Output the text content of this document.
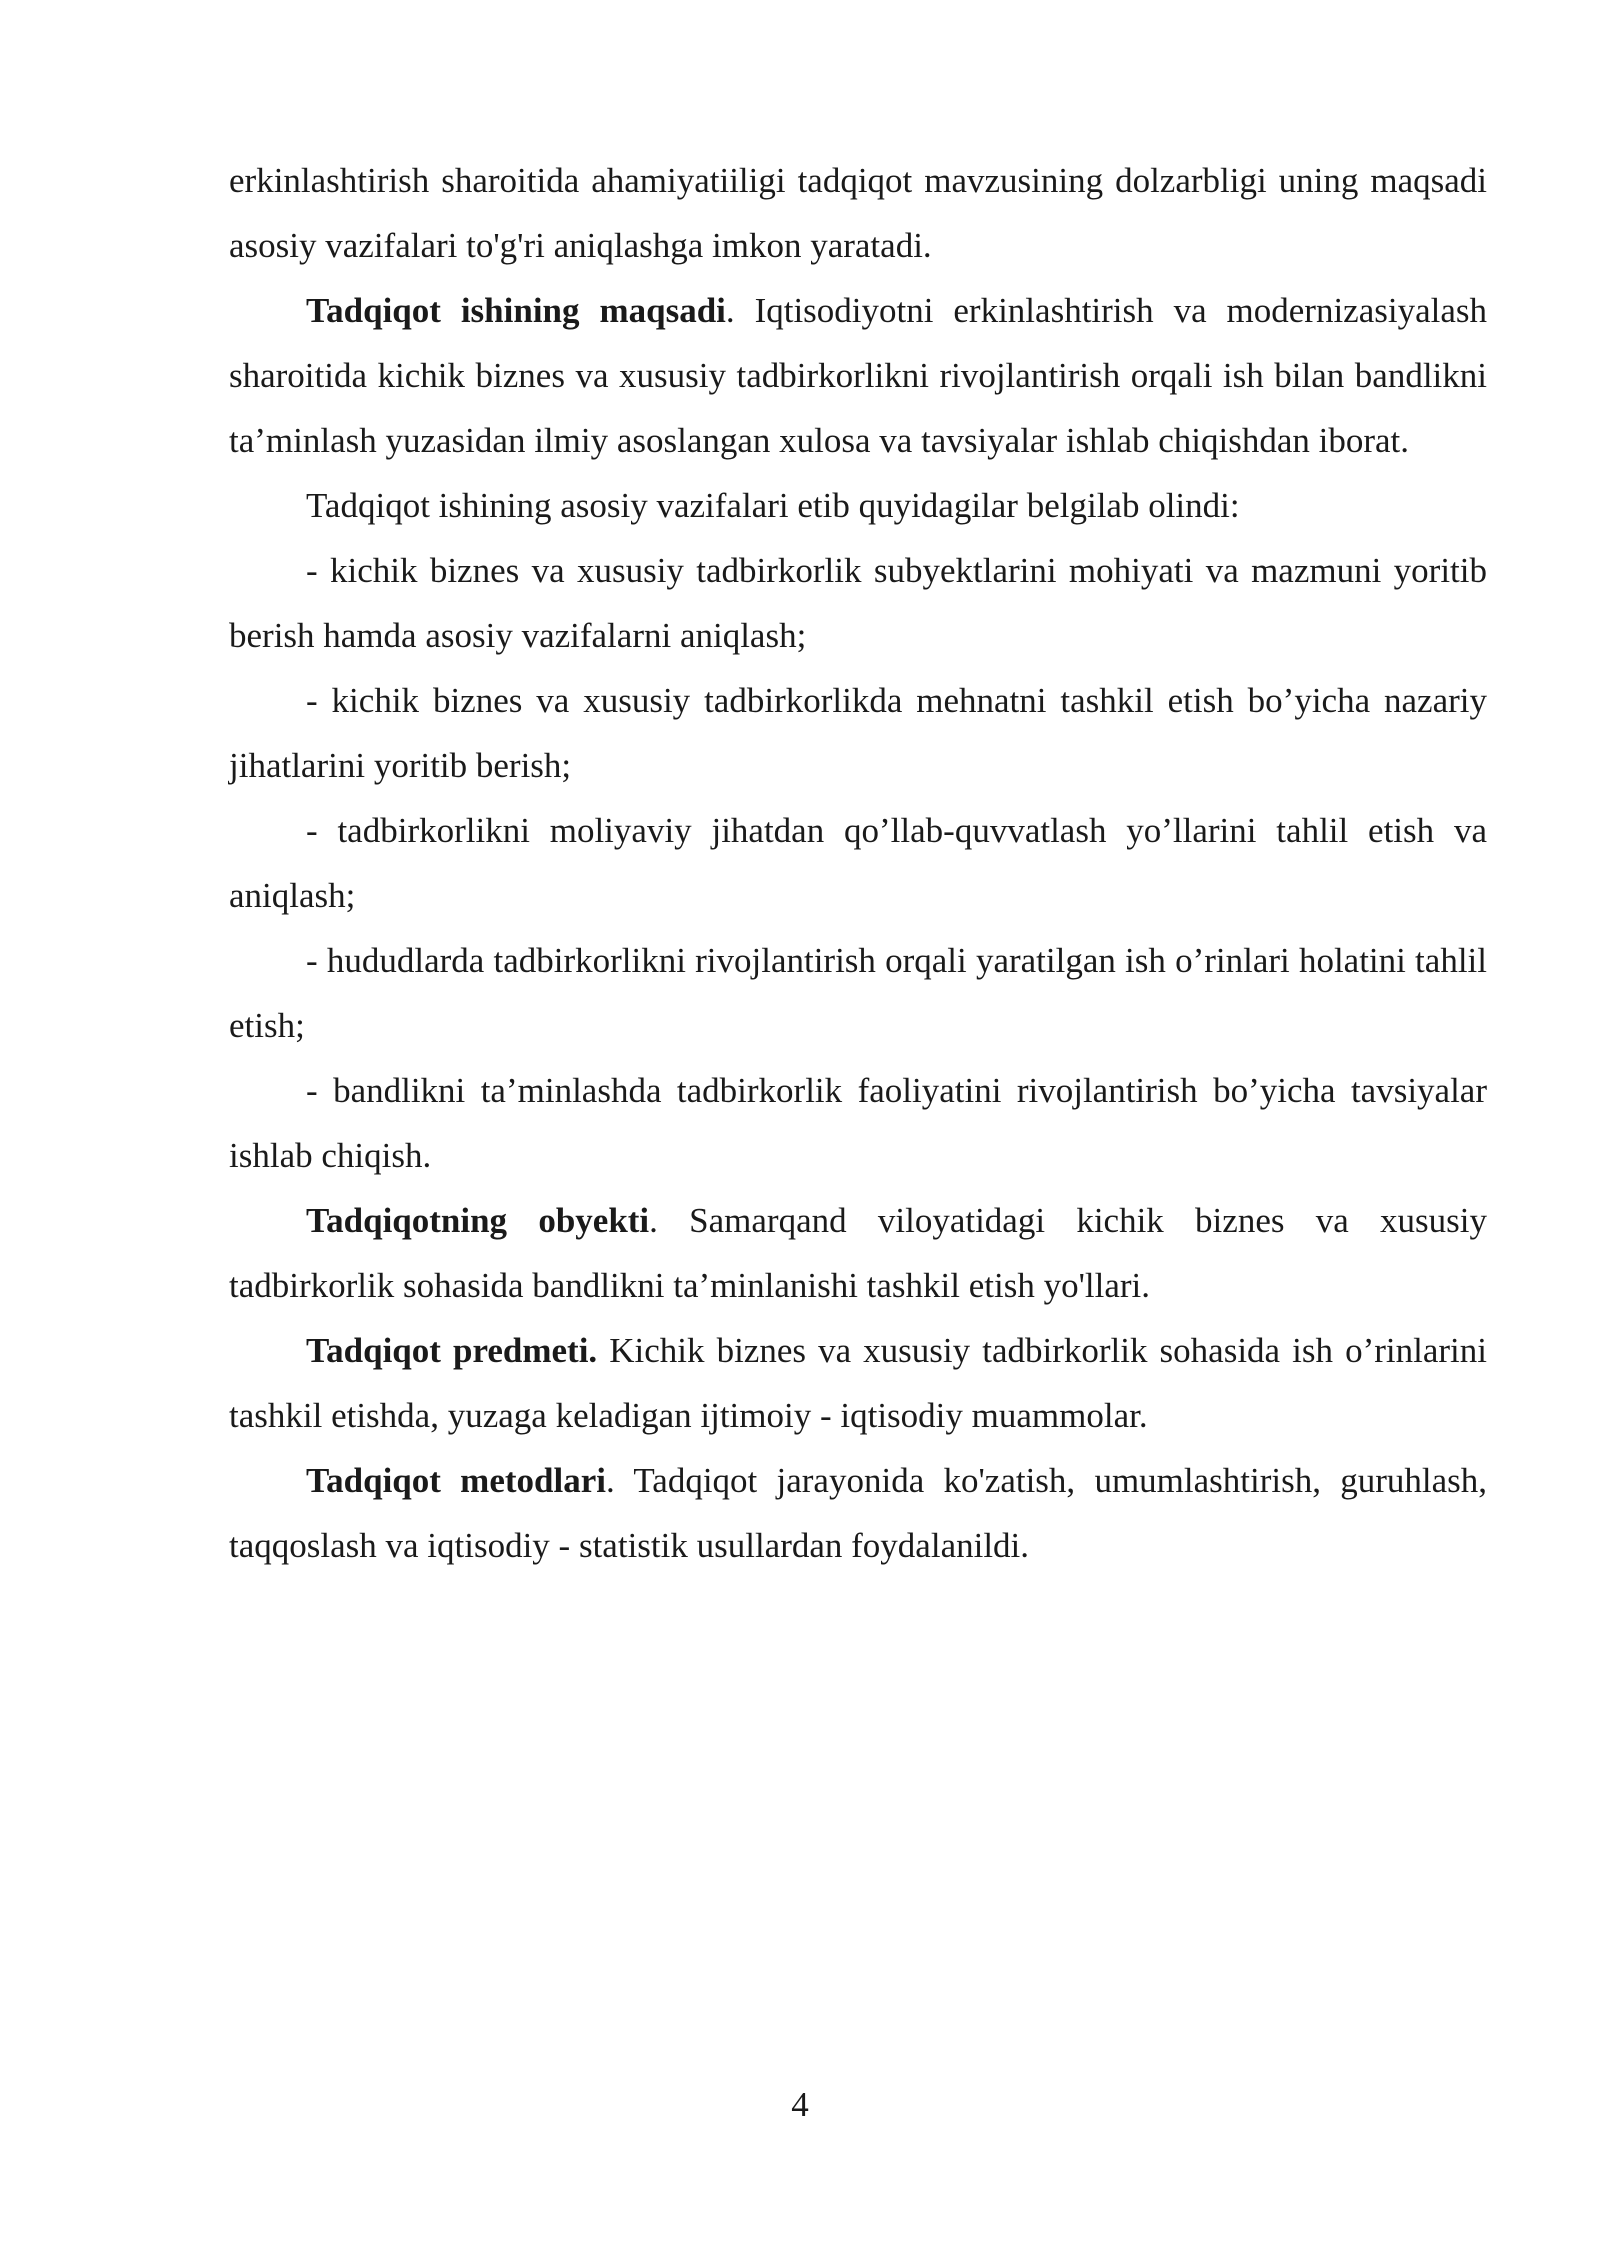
erkinlashtirish sharoitida ahamiyatiiligi tadqiqot mavzusining dolzarbligi uning maqsadi asosiy vazifalari to'g'ri aniqlashga imkon yaratadi.

Tadqiqot ishining maqsadi. Iqtisodiyotni erkinlashtirish va modernizasiyalash sharoitida kichik biznes va xususiy tadbirkorlikni rivojlantirish orqali ish bilan bandlikni ta’minlash yuzasidan ilmiy asoslangan xulosa va tavsiyalar ishlab chiqishdan iborat.

Tadqiqot ishining asosiy vazifalari etib quyidagilar belgilab olindi:

- kichik biznes va xususiy tadbirkorlik subyektlarini mohiyati va mazmuni yoritib berish hamda asosiy vazifalarni aniqlash;

- kichik biznes va xususiy tadbirkorlikda mehnatni tashkil etish bo’yicha nazariy jihatlarini yoritib berish;

- tadbirkorlikni moliyaviy jihatdan qo’llab-quvvatlash yo’llarini tahlil etish va aniqlash;

- hududlarda tadbirkorlikni rivojlantirish orqali yaratilgan ish o’rinlari holatini tahlil etish;

- bandlikni ta’minlashda tadbirkorlik faoliyatini rivojlantirish bo’yicha tavsiyalar ishlab chiqish.

Tadqiqotning obyekti. Samarqand viloyatidagi kichik biznes va xususiy tadbirkorlik sohasida bandlikni ta’minlanishi tashkil etish yo'llari.

Tadqiqot predmeti. Kichik biznes va xususiy tadbirkorlik sohasida ish o’rinlarini tashkil etishda, yuzaga keladigan ijtimoiy - iqtisodiy muammolar.

Tadqiqot metodlari. Tadqiqot jarayonida ko'zatish, umumlashtirish, guruhlash, taqqoslash va iqtisodiy - statistik usullardan foydalanildi.

4
